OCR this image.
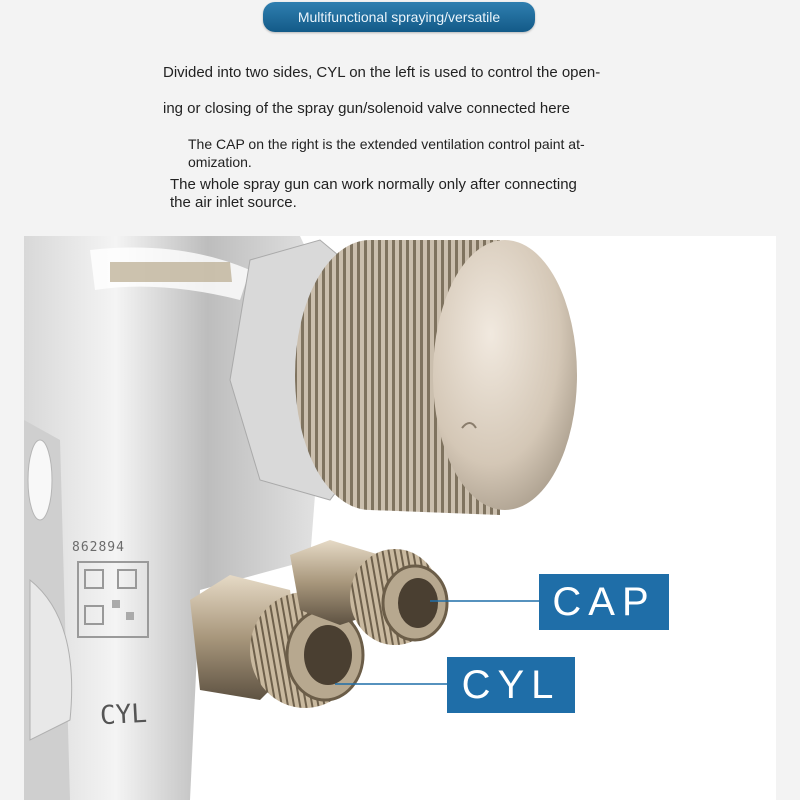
Multifunctional spraying/versatile
Divided into two sides, CYL on the left is used to control the open-
ing or closing of the spray gun/solenoid valve connected here
The CAP on the right is the extended ventilation control paint at-
omization.
The whole spray gun can work normally only after connecting
the air inlet source.
862894
CYL
CAP
CYL
